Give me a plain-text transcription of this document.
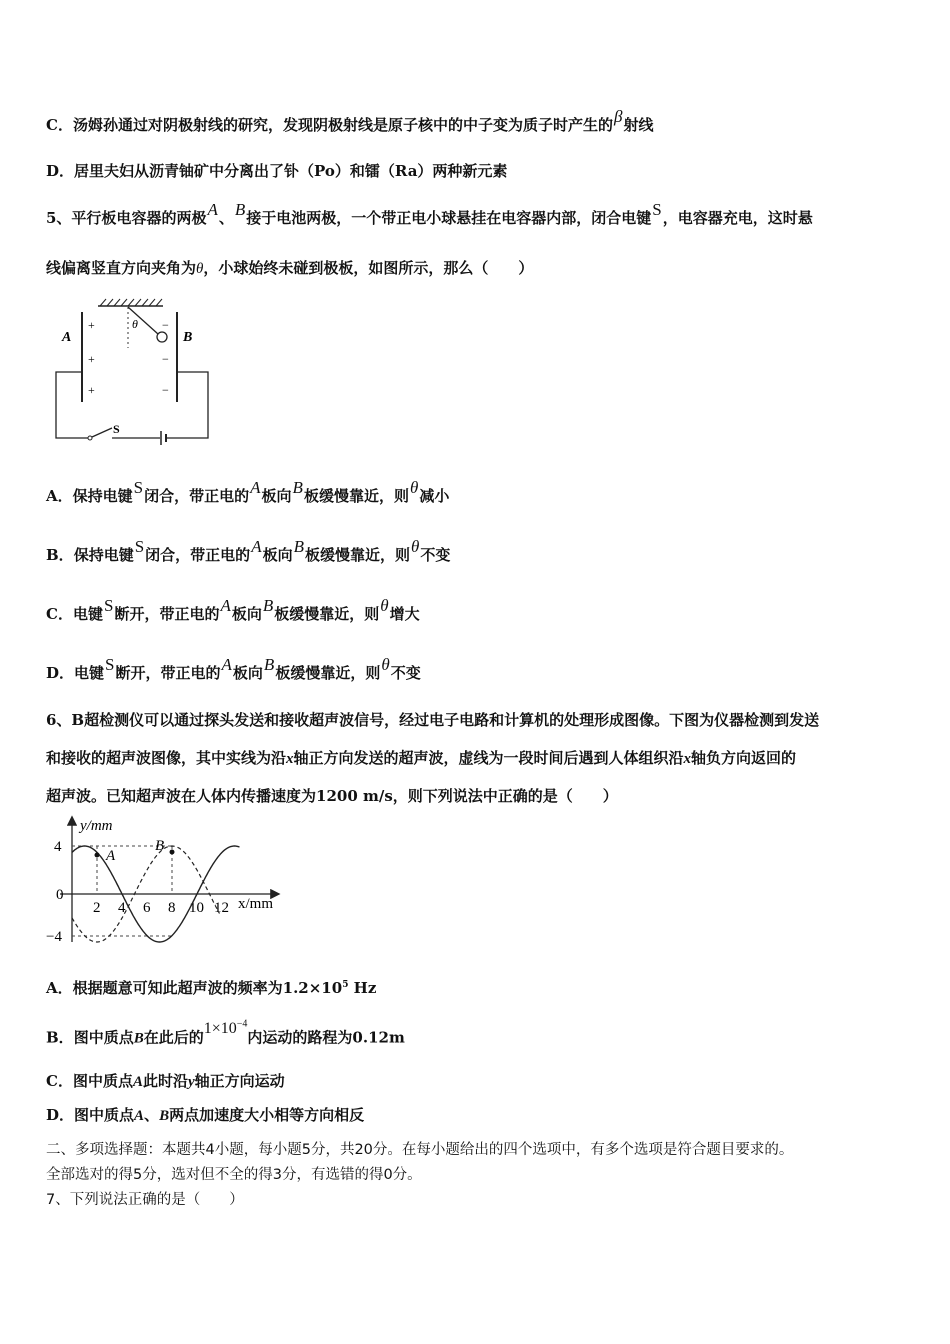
C．汤姆孙通过对阴极射线的研究，发现阴极射线是原子核中的中子变为质子时产生的β射线
D．居里夫妇从沥青铀矿中分离出了钋（Po）和镭（Ra）两种新元素
5、平行板电容器的两极A、B接于电池两极，一个带正电小球悬挂在电容器内部，闭合电键S，电容器充电，这时悬
线偏离竖直方向夹角为θ，小球始终未碰到极板，如图所示，那么（　　）
θ
A	B
+
+
+
−
−
−
S
A．保持电键S闭合，带正电的A板向B板缓慢靠近，则θ减小
B．保持电键S闭合，带正电的A板向B板缓慢靠近，则θ不变
C．电键S断开，带正电的A板向B板缓慢靠近，则θ增大
D．电键S断开，带正电的A板向B板缓慢靠近，则θ不变
6、B超检测仪可以通过探头发送和接收超声波信号，经过电子电路和计算机的处理形成图像。下图为仪器检测到发送
和接收的超声波图像，其中实线为沿x轴正方向发送的超声波，虚线为一段时间后遇到人体组织沿x轴负方向返回的
超声波。已知超声波在人体内传播速度为1200 m/s，则下列说法中正确的是（　　）
y/mm
x/mm
4
0
−4
2 4 6 8 10 12
A
B
A．根据题意可知此超声波的频率为$1.2\times 10^5$ Hz
B．图中质点B在此后的$1\times 10^{-4}$内运动的路程为0.12m
C．图中质点A此时沿y轴正方向运动
D．图中质点A、B两点加速度大小相等方向相反
二、多项选择题：本题共4小题，每小题5分，共20分。在每小题给出的四个选项中，有多个选项是符合题目要求的。
全部选对的得5分，选对但不全的得3分，有选错的得0分。
7、下列说法正确的是（　　）
